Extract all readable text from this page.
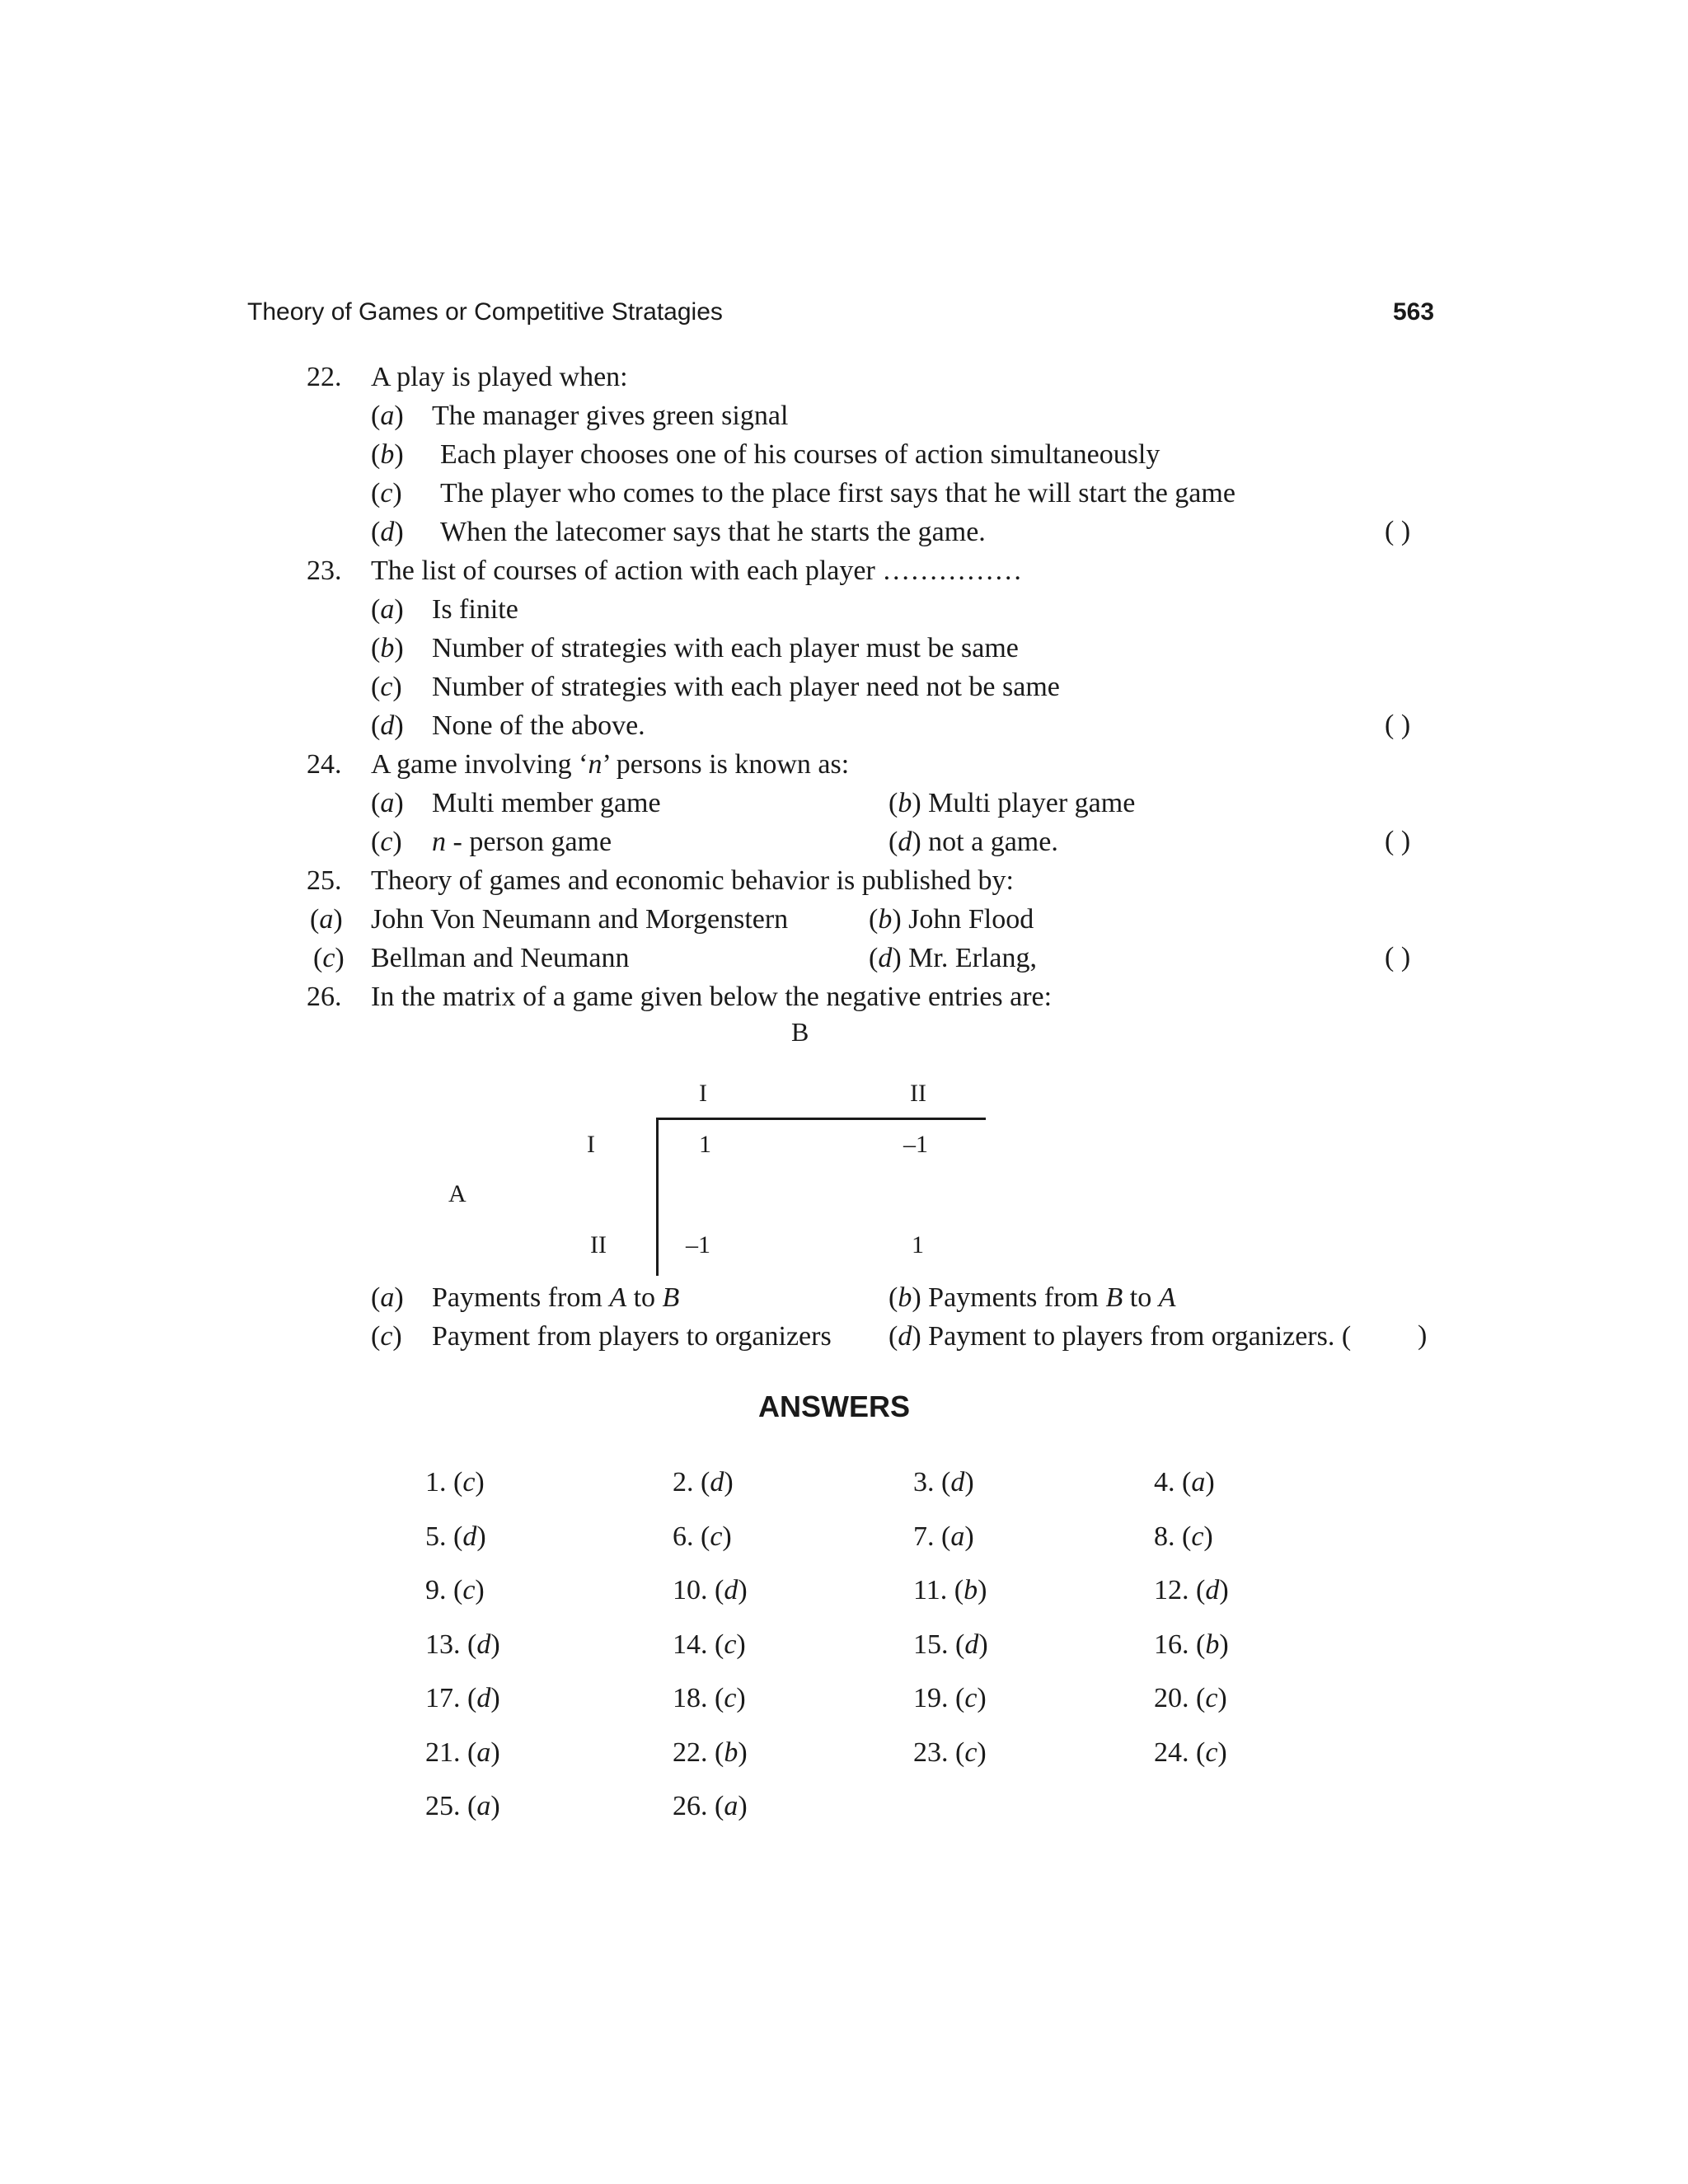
Theory of Games or Competitive Stratagies	563
22. A play is played when:
(a) The manager gives green signal
(b) Each player chooses one of his courses of action simultaneously
(c) The player who comes to the place first says that he will start the game
(d) When the latecomer says that he starts the game.	( )
23. The list of courses of action with each player ……………
(a) Is finite
(b) Number of strategies with each player must be same
(c) Number of strategies with each player need not be same
(d) None of the above.	( )
24. A game involving ‘n’ persons is known as:
(a) Multi member game	(b) Multi player game
(c) n - person game	(d) not a game.	( )
25. Theory of games and economic behavior is published by:
(a) John Von Neumann and Morgenstern	(b) John Flood
(c) Bellman and Neumann	(d) Mr. Erlang,	( )
26. In the matrix of a game given below the negative entries are:
B
I	II
I	1	–1
A
II	–1	1
(a) Payments from A to B	(b) Payments from B to A
(c) Payment from players to organizers (d) Payment to players from organizers. ( )
ANSWERS
1. (c)	2. (d)	3. (d)	4. (a)
5. (d)	6. (c)	7. (a)	8. (c)
9. (c)	10. (d)	11. (b)	12. (d)
13. (d)	14. (c)	15. (d)	16. (b)
17. (d)	18. (c)	19. (c)	20. (c)
21. (a)	22. (b)	23. (c)	24. (c)
25. (a)	26. (a)
